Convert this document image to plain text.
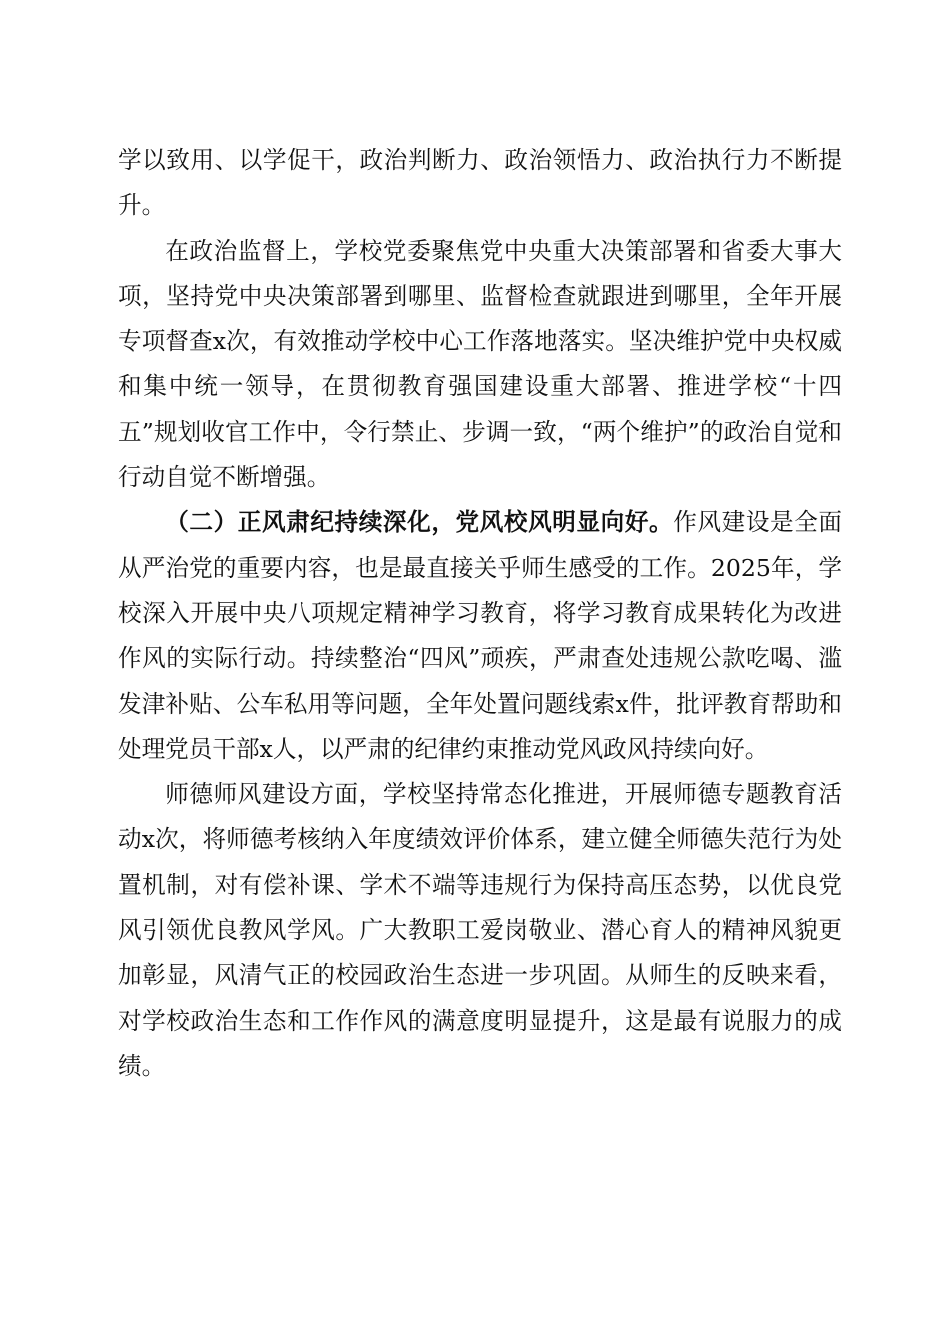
学以致用、以学促干，政治判断力、政治领悟力、政治执行力不断提升。

在政治监督上，学校党委聚焦党中央重大决策部署和省委大事大项，坚持党中央决策部署到哪里、监督检查就跟进到哪里，全年开展专项督查x次，有效推动学校中心工作落地落实。坚决维护党中央权威和集中统一领导，在贯彻教育强国建设重大部署、推进学校“十四五”规划收官工作中，令行禁止、步调一致，“两个维护”的政治自觉和行动自觉不断增强。

（二）正风肃纪持续深化，党风校风明显向好。作风建设是全面从严治党的重要内容，也是最直接关乎师生感受的工作。2025年，学校深入开展中央八项规定精神学习教育，将学习教育成果转化为改进作风的实际行动。持续整治“四风”顽疾，严肃查处违规公款吃喝、滥发津补贴、公车私用等问题，全年处置问题线索x件，批评教育帮助和处理党员干部x人，以严肃的纪律约束推动党风政风持续向好。

师德师风建设方面，学校坚持常态化推进，开展师德专题教育活动x次，将师德考核纳入年度绩效评价体系，建立健全师德失范行为处置机制，对有偿补课、学术不端等违规行为保持高压态势，以优良党风引领优良教风学风。广大教职工爱岗敬业、潜心育人的精神风貌更加彰显，风清气正的校园政治生态进一步巩固。从师生的反映来看，对学校政治生态和工作作风的满意度明显提升，这是最有说服力的成绩。
